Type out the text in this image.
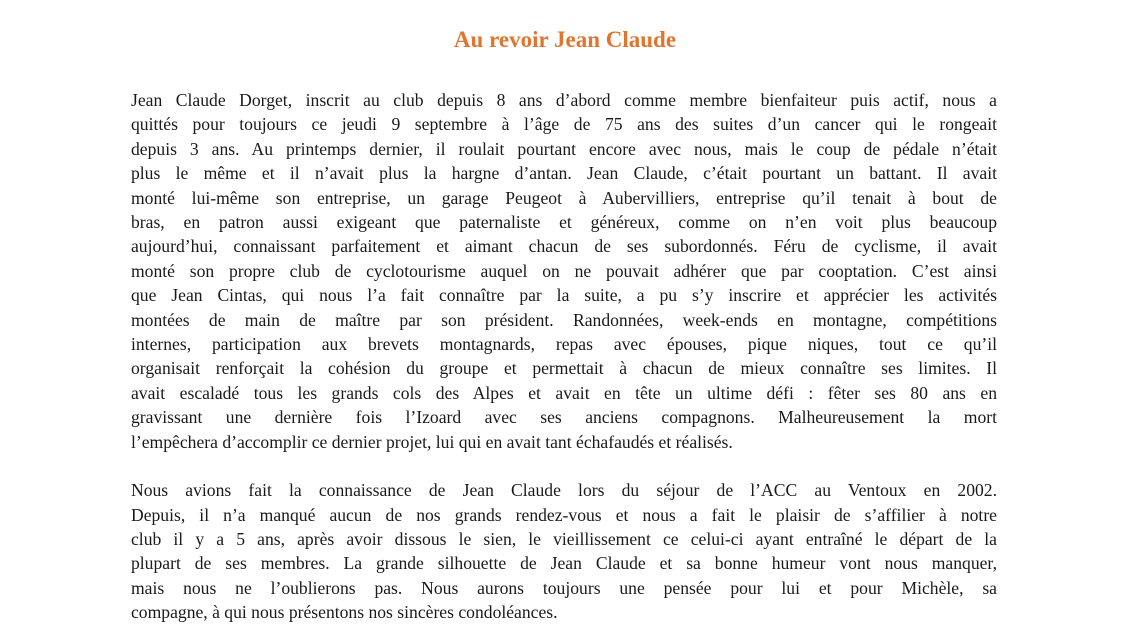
Au revoir Jean Claude

Jean Claude Dorget, inscrit au club depuis 8 ans d’abord comme membre bienfaiteur puis actif, nous a
quittés pour toujours ce jeudi 9 septembre à l’âge de 75 ans des suites d’un cancer qui le rongeait
depuis 3 ans. Au printemps dernier, il roulait pourtant encore avec nous, mais le coup de pédale n’était
plus le même et il n’avait plus la hargne d’antan. Jean Claude, c’était pourtant un battant. Il avait
monté lui-même son entreprise, un garage Peugeot à Aubervilliers, entreprise qu’il tenait à bout de
bras, en patron aussi exigeant que paternaliste et généreux, comme on n’en voit plus beaucoup
aujourd’hui, connaissant parfaitement et aimant chacun de ses subordonnés. Féru de cyclisme, il avait
monté son propre club de cyclotourisme auquel on ne pouvait adhérer que par cooptation. C’est ainsi
que Jean Cintas, qui nous l’a fait connaître par la suite, a pu s’y inscrire et apprécier les activités
montées de main de maître par son président. Randonnées, week-ends en montagne, compétitions
internes, participation aux brevets montagnards, repas avec épouses, pique niques, tout ce qu’il
organisait renforçait la cohésion du groupe et permettait à chacun de mieux connaître ses limites. Il
avait escaladé tous les grands cols des Alpes et avait en tête un ultime défi : fêter ses 80 ans en
gravissant une dernière fois l’Izoard avec ses anciens compagnons. Malheureusement la mort
l’empêchera d’accomplir ce dernier projet, lui qui en avait tant échafaudés et réalisés.

Nous avions fait la connaissance de Jean Claude lors du séjour de l’ACC au Ventoux en 2002.
Depuis, il n’a manqué aucun de nos grands rendez-vous et nous a fait le plaisir de s’affilier à notre
club il y a 5 ans, après avoir dissous le sien, le vieillissement ce celui-ci ayant entraîné le départ de la
plupart de ses membres. La grande silhouette de Jean Claude et sa bonne humeur vont nous manquer,
mais nous ne l’oublierons pas. Nous aurons toujours une pensée pour lui et pour Michèle, sa
compagne, à qui nous présentons nos sincères condoléances.
